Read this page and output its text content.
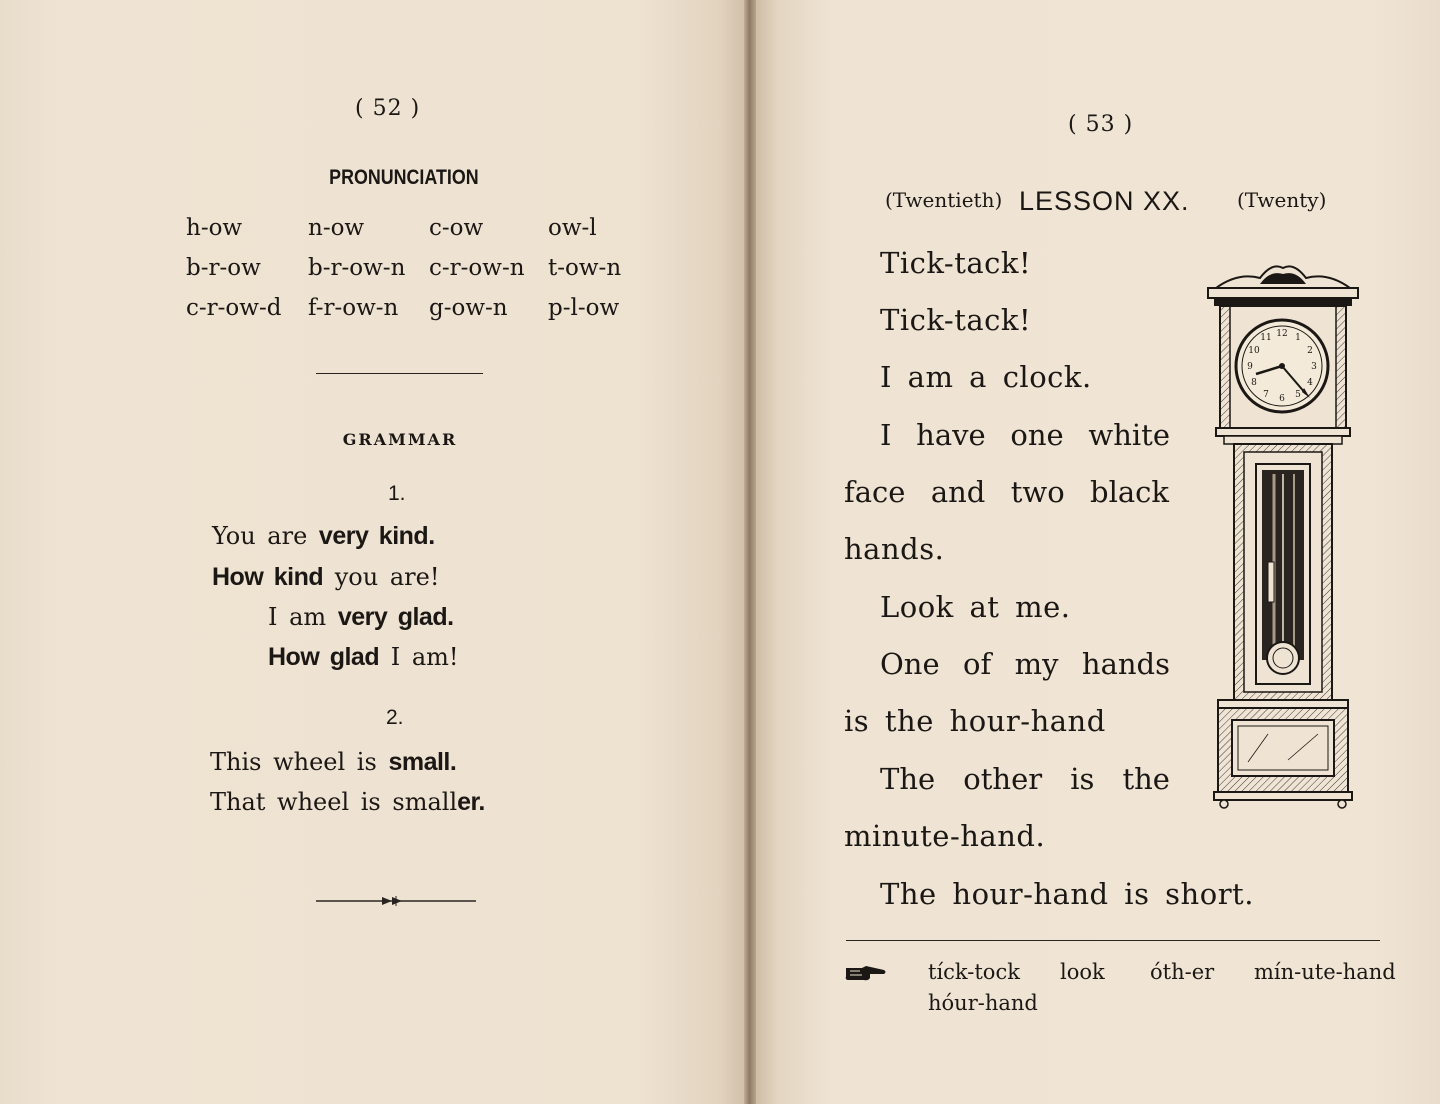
( 52 )
PRONUNCIATION
h-ow	n-ow	c-ow	ow-l
b-r-ow	b-r-ow-n	c-r-ow-n	t-ow-n
c-r-ow-d	f-r-ow-n	g-ow-n	p-l-ow
GRAMMAR
1.
You are very kind.
How kind you are!
I am very glad.
How glad I am!
2.
This wheel is small.
That wheel is smaller.
( 53 )
(Twentieth) LESSON XX. (Twenty)
Tick-tack!
Tick-tack!
I am a clock.
I have one white
face and two black
hands.
Look at me.
One of my hands
is the hour-hand
The other is the
minute-hand.
The hour-hand is short.
12 1
2
3
4
5
6
7
8
9
10
11
tíck-tock look óth-er mín-ute-hand
hóur-hand
